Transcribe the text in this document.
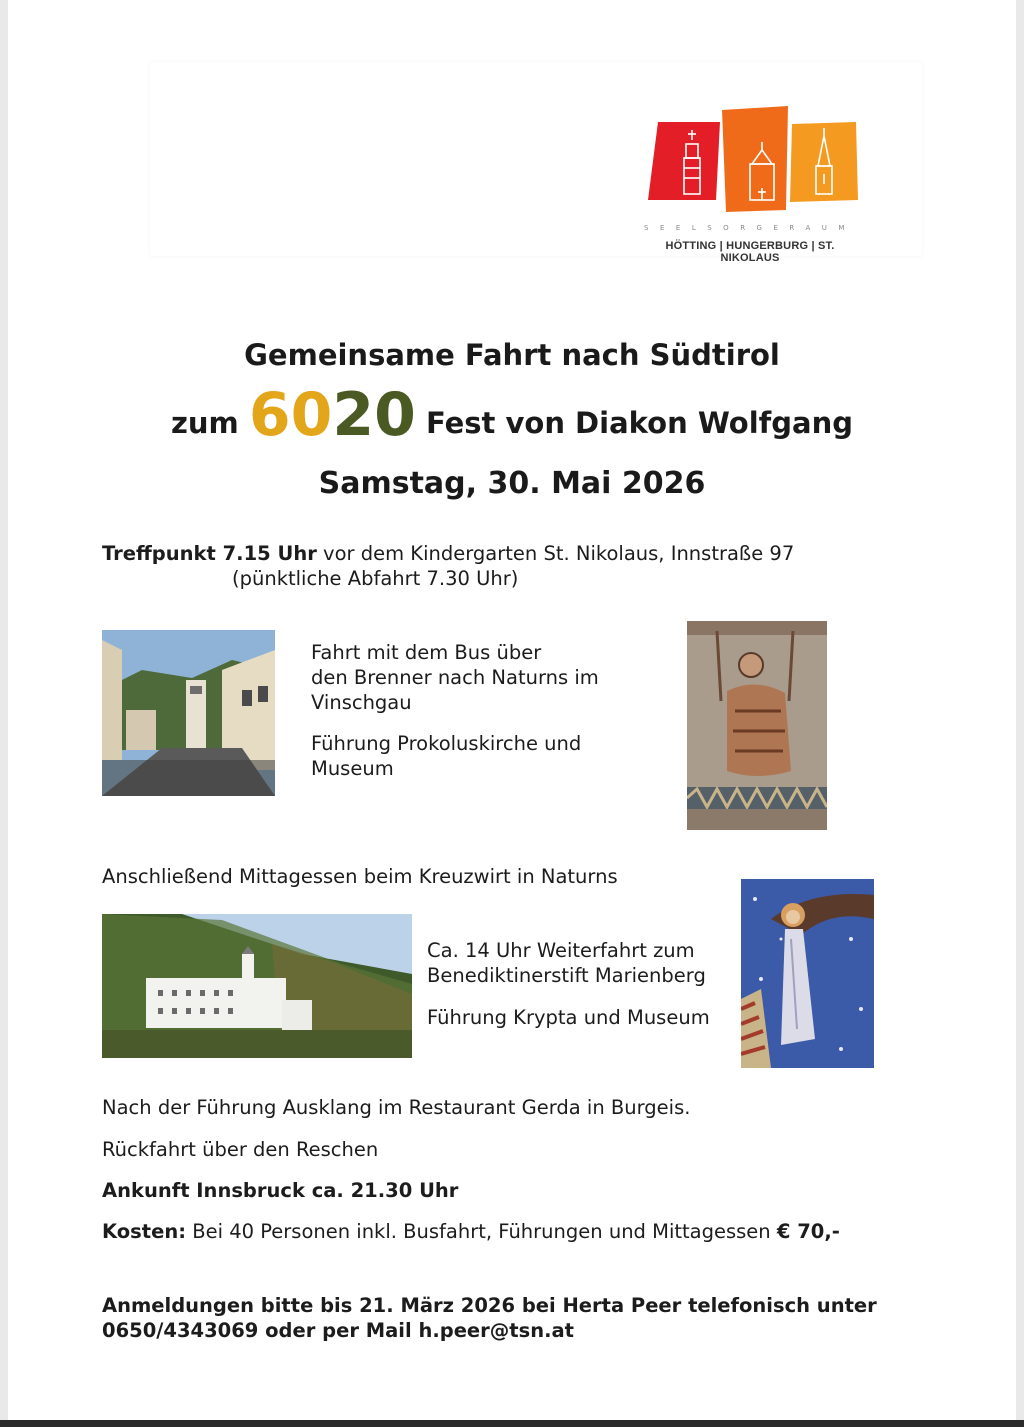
SEELSORGERAUM
HÖTTING | HUNGERBURG | ST. NIKOLAUS
Gemeinsame Fahrt nach Südtirol
zum 6020 Fest von Diakon Wolfgang
Samstag, 30. Mai 2026
Treffpunkt 7.15 Uhr vor dem Kindergarten St. Nikolaus, Innstraße 97
(pünktliche Abfahrt 7.30 Uhr)
Fahrt mit dem Bus über
den Brenner nach Naturns im
Vinschgau
Führung Prokoluskirche und
Museum
Anschließend Mittagessen beim Kreuzwirt in Naturns
Ca. 14 Uhr Weiterfahrt zum
Benediktinerstift Marienberg
Führung Krypta und Museum
Nach der Führung Ausklang im Restaurant Gerda in Burgeis.
Rückfahrt über den Reschen
Ankunft Innsbruck ca. 21.30 Uhr
Kosten: Bei 40 Personen inkl. Busfahrt, Führungen und Mittagessen € 70,-
Anmeldungen bitte bis 21. März 2026 bei Herta Peer telefonisch unter
0650/4343069 oder per Mail h.peer@tsn.at
